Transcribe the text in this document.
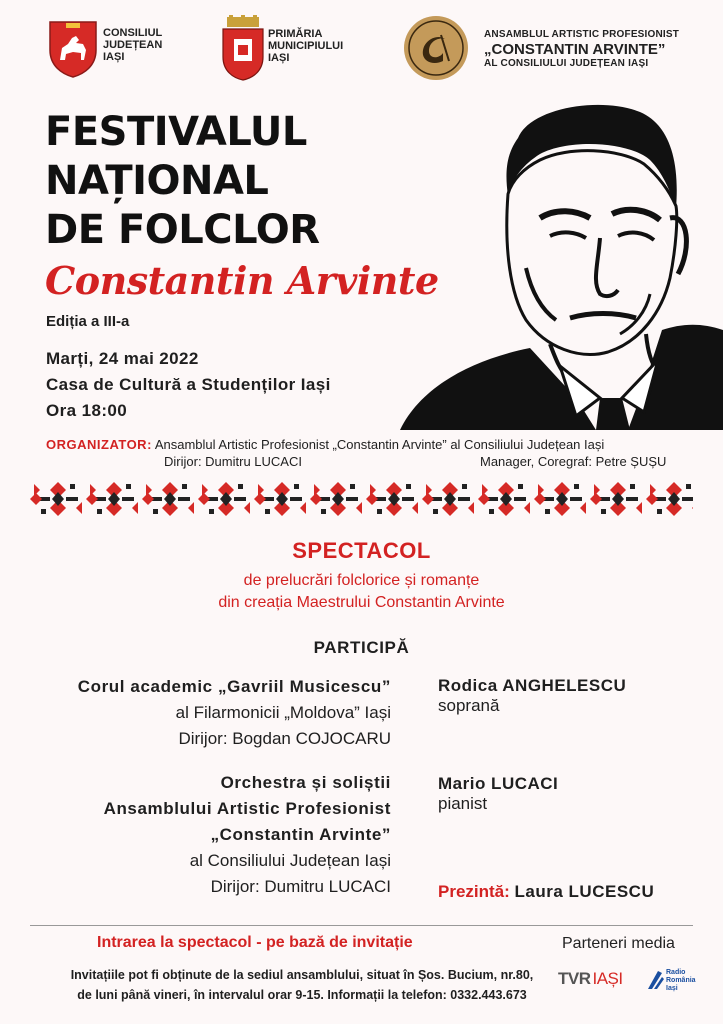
CONSILIUL
JUDEȚEAN
IAȘI
PRIMĂRIA
MUNICIPIULUI
IAȘI
ANSAMBLUL ARTISTIC PROFESIONIST
„CONSTANTIN ARVINTE”
AL CONSILIULUI JUDEȚEAN IAȘI
FESTIVALUL
NAȚIONAL
DE FOLCLOR
Constantin Arvinte
Ediția a III-a
Marți, 24 mai 2022
Casa de Cultură a Studenților Iași
Ora 18:00
ORGANIZATOR: Ansamblul Artistic Profesionist „Constantin Arvinte” al Consiliului Județean Iași
Dirijor: Dumitru LUCACI	Manager, Coregraf: Petre ȘUȘU
SPECTACOL
de prelucrări folclorice și romanțe
din creația Maestrului Constantin Arvinte
PARTICIPĂ
Corul academic „Gavriil Musicescu”
al Filarmonicii „Moldova” Iași
Dirijor: Bogdan COJOCARU
Orchestra și soliștii
Ansamblului Artistic Profesionist
„Constantin Arvinte”
al Consiliului Județean Iași
Dirijor: Dumitru LUCACI
Rodica ANGHELESCU
soprană
Mario LUCACI
pianist
Prezintă: Laura LUCESCU
Intrarea la spectacol - pe bază de invitație	Parteneri media
Invitațiile pot fi obținute de la sediul ansamblului, situat în Șos. Bucium, nr.80,
de luni până vineri, în intervalul orar 9-15. Informații la telefon: 0332.443.673
TVR IAȘI	Radio
România
Iași
